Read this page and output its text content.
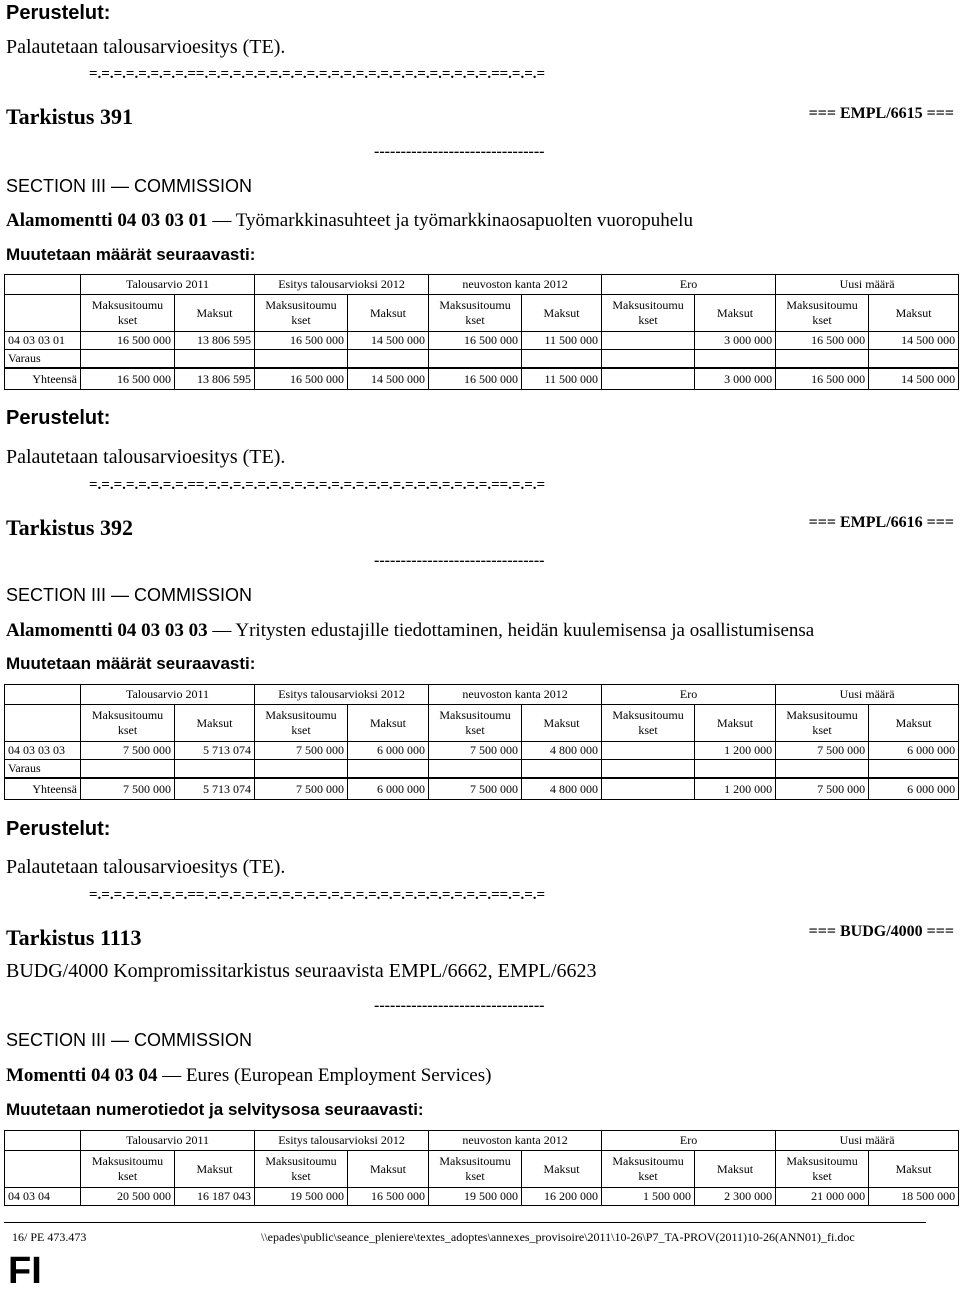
Perustelut:
Palautetaan talousarvioesitys (TE).
=.=.=.=.=.=.=.=.==.=.=.=.=.=.=.=.=.=.=.=.=.=.=.=.=.=.=.=.=.=.=.=.==.=.=.=
Tarkistus 391	=== EMPL/6615 ===
--------------------------------
SECTION III — COMMISSION
Alamomentti 04 03 03 01 — Työmarkkinasuhteet ja työmarkkinaosapuolten vuoropuhelu
Muutetaan määrät seuraavasti:
	Talousarvio 2011		Esitys talousarvioksi 2012		neuvoston kanta 2012		Ero		Uusi määrä	
	Maksusitoumu kset	Maksut	Maksusitoumu kset	Maksut	Maksusitoumu kset	Maksut	Maksusitoumu kset	Maksut	Maksusitoumu kset	Maksut
04 03 03 01	16 500 000	13 806 595	16 500 000	14 500 000	16 500 000	11 500 000		3 000 000	16 500 000	14 500 000
Varaus										
Yhteensä	16 500 000	13 806 595	16 500 000	14 500 000	16 500 000	11 500 000		3 000 000	16 500 000	14 500 000
Perustelut:
Palautetaan talousarvioesitys (TE).
=.=.=.=.=.=.=.=.==.=.=.=.=.=.=.=.=.=.=.=.=.=.=.=.=.=.=.=.=.=.=.=.==.=.=.=
Tarkistus 392	=== EMPL/6616 ===
--------------------------------
SECTION III — COMMISSION
Alamomentti 04 03 03 03 — Yritysten edustajille tiedottaminen, heidän kuulemisensa ja osallistumisensa
Muutetaan määrät seuraavasti:
	Talousarvio 2011		Esitys talousarvioksi 2012		neuvoston kanta 2012		Ero		Uusi määrä	
	Maksusitoumu kset	Maksut	Maksusitoumu kset	Maksut	Maksusitoumu kset	Maksut	Maksusitoumu kset	Maksut	Maksusitoumu kset	Maksut
04 03 03 03	7 500 000	5 713 074	7 500 000	6 000 000	7 500 000	4 800 000		1 200 000	7 500 000	6 000 000
Varaus										
Yhteensä	7 500 000	5 713 074	7 500 000	6 000 000	7 500 000	4 800 000		1 200 000	7 500 000	6 000 000
Perustelut:
Palautetaan talousarvioesitys (TE).
=.=.=.=.=.=.=.=.==.=.=.=.=.=.=.=.=.=.=.=.=.=.=.=.=.=.=.=.=.=.=.=.==.=.=.=
Tarkistus 1113	=== BUDG/4000 ===
BUDG/4000 Kompromissitarkistus seuraavista EMPL/6662, EMPL/6623
--------------------------------
SECTION III — COMMISSION
Momentti 04 03 04 — Eures (European Employment Services)
Muutetaan numerotiedot ja selvitysosa seuraavasti:
	Talousarvio 2011		Esitys talousarvioksi 2012		neuvoston kanta 2012		Ero		Uusi määrä	
	Maksusitoumu kset	Maksut	Maksusitoumu kset	Maksut	Maksusitoumu kset	Maksut	Maksusitoumu kset	Maksut	Maksusitoumu kset	Maksut
04 03 04	20 500 000	16 187 043	19 500 000	16 500 000	19 500 000	16 200 000	1 500 000	2 300 000	21 000 000	18 500 000
16/ PE 473.473	\\epades\public\seance_pleniere\textes_adoptes\annexes_provisoire\2011\10-26\P7_TA-PROV(2011)10-26(ANN01)_fi.doc
FI
